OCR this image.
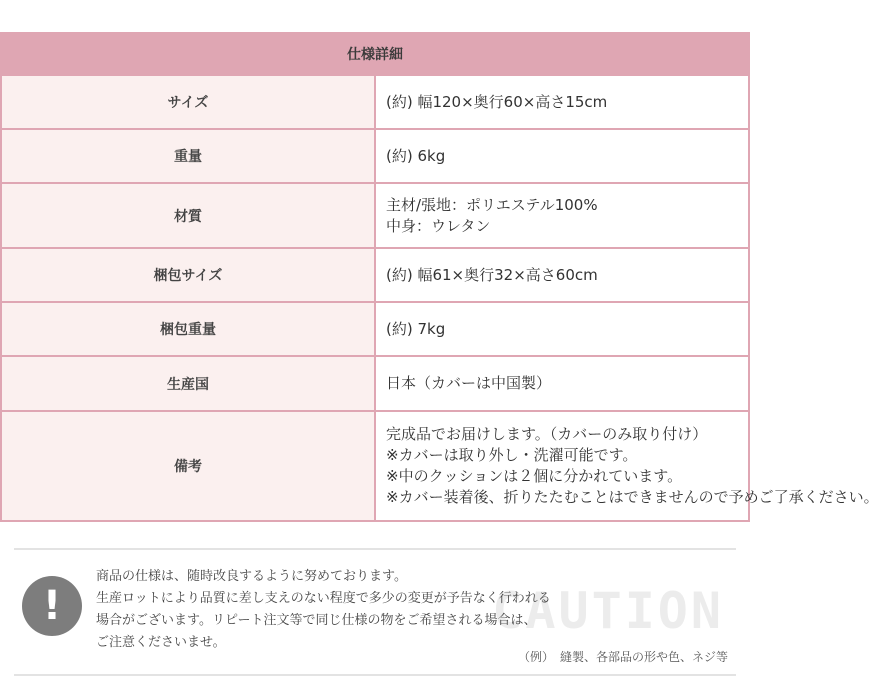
仕様詳細	
サイズ	(約) 幅120×奥行60×高さ15cm

重量	(約) 6kg

材質	主材/張地：ポリエステル100%
中身：ウレタン

梱包サイズ	(約) 幅61×奥行32×高さ60cm

梱包重量	(約) 7kg

生産国	日本（カバーは中国製）

備考	完成品でお届けします。（カバーのみ取り付け）
※カバーは取り外し・洗濯可能です。
※中のクッションは２個に分かれています。
※カバー装着後、折りたたむことはできませんので予めご了承ください。
CAUTION
!
商品の仕様は、随時改良するように努めております。
生産ロットにより品質に差し支えのない程度で多少の変更が予告なく行われる
場合がございます。リピート注文等で同じ仕様の物をご希望される場合は、
ご注意くださいませ。
（例）　縫製、各部品の形や色、ネジ等
